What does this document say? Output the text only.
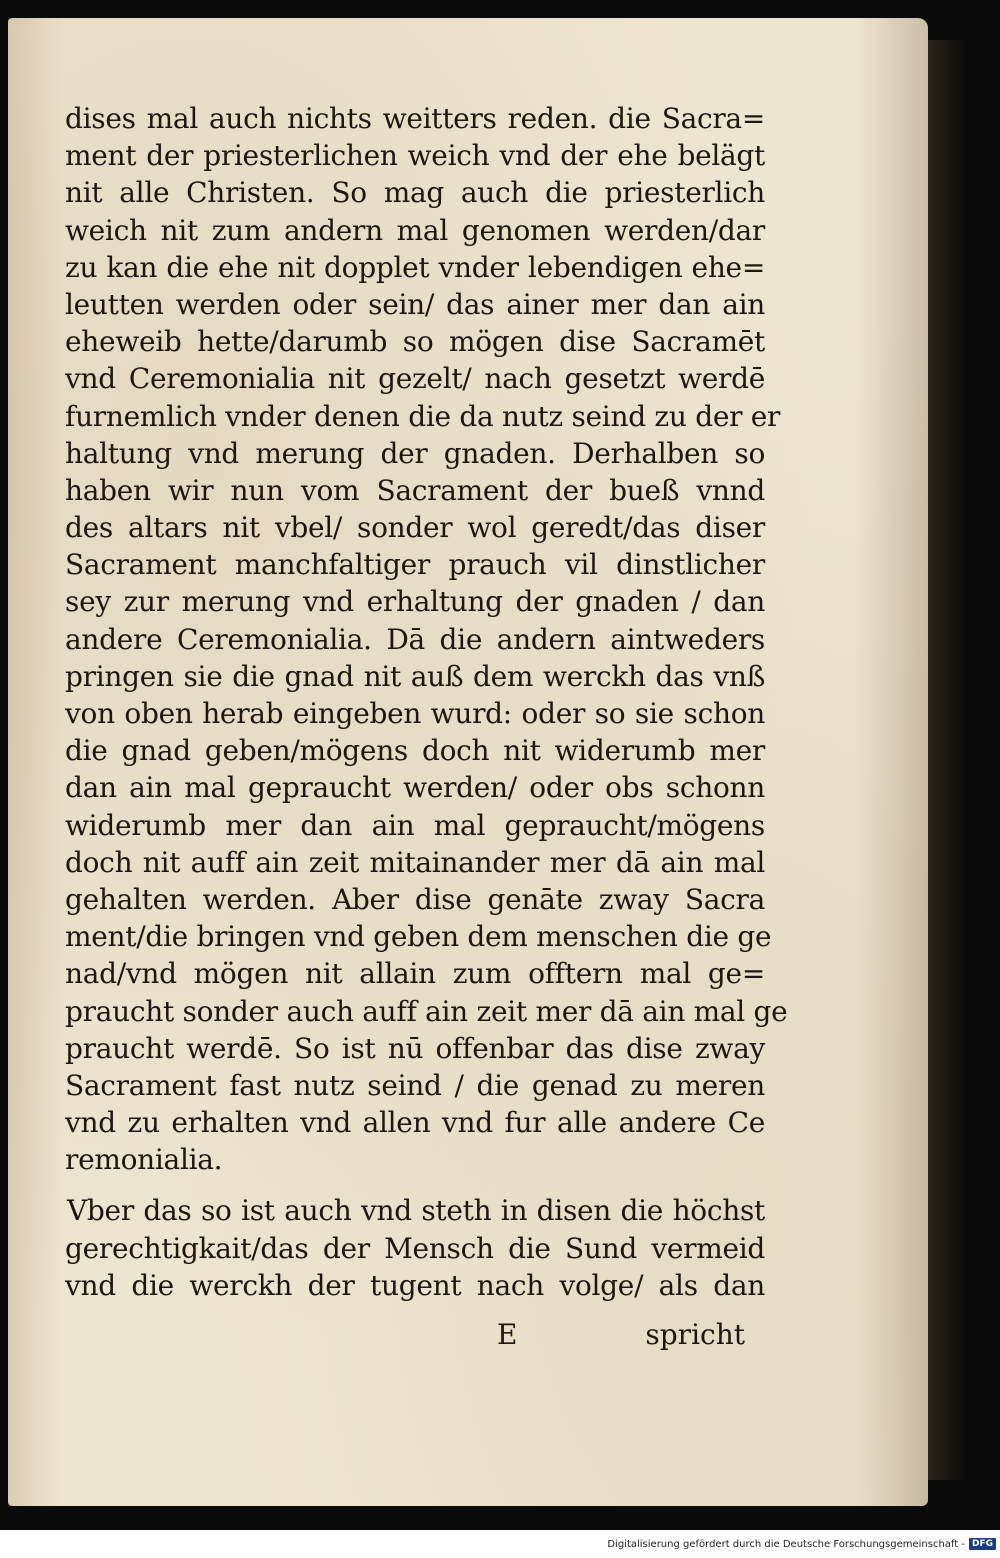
dises mal auch nichts weitters reden. die Sacra=
ment der priesterlichen weich vnd der ehe belägt
nit alle Christen. So mag auch die priesterlich
weich nit zum andern mal genomen werden/dar
zu kan die ehe nit dopplet vnder lebendigen ehe=
leutten werden oder sein/ das ainer mer dan ain
eheweib hette/darumb so mögen dise Sacramēt
vnd Ceremonialia nit gezelt/ nach gesetzt werdē
furnemlich vnder denen die da nutz seind zu der er
haltung vnd merung der gnaden. Derhalben so
haben wir nun vom Sacrament der bueß vnnd
des altars nit vbel/ sonder wol geredt/das diser
Sacrament manchfaltiger prauch vil dinstlicher
sey zur merung vnd erhaltung der gnaden / dan
andere Ceremonialia. Dā die andern aintweders
pringen sie die gnad nit auß dem werckh das vnß
von oben herab eingeben wurd: oder so sie schon
die gnad geben/mögens doch nit widerumb mer
dan ain mal gepraucht werden/ oder obs schonn
widerumb mer dan ain mal gepraucht/mögens
doch nit auff ain zeit mitainander mer dā ain mal
gehalten werden. Aber dise genāte zway Sacra
ment/die bringen vnd geben dem menschen die ge
nad/vnd mögen nit allain zum offtern mal ge=
praucht sonder auch auff ain zeit mer dā ain mal ge
praucht werdē. So ist nū offenbar das dise zway
Sacrament fast nutz seind / die genad zu meren
vnd zu erhalten vnd allen vnd fur alle andere Ce
remonialia.
Vber das so ist auch vnd steth in disen die höchst
gerechtigkait/das der Mensch die Sund vermeid
vnd die werckh der tugent nach volge/ als dan
E	spricht
Digitalisierung gefördert durch die Deutsche Forschungsgemeinschaft - DFG
